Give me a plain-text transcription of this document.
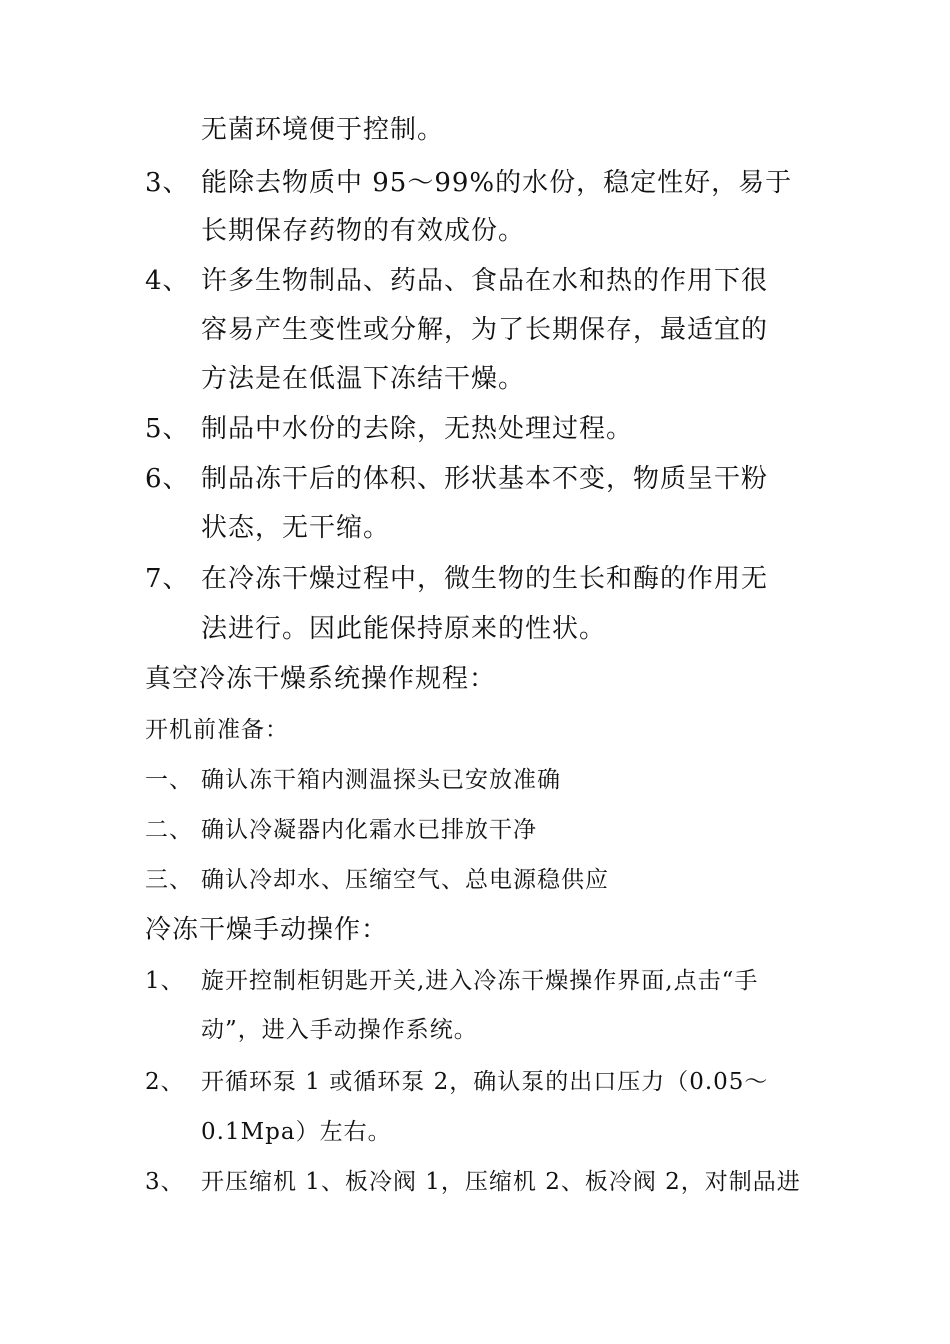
无菌环境便于控制。
3、 能除去物质中 95～99%的水份，稳定性好，易于
长期保存药物的有效成份。
4、 许多生物制品、药品、食品在水和热的作用下很
容易产生变性或分解，为了长期保存，最适宜的
方法是在低温下冻结干燥。
5、 制品中水份的去除，无热处理过程。
6、 制品冻干后的体积、形状基本不变，物质呈干粉
状态，无干缩。
7、 在冷冻干燥过程中，微生物的生长和酶的作用无
法进行。因此能保持原来的性状。
真空冷冻干燥系统操作规程：
开机前准备：
一、 确认冻干箱内测温探头已安放准确
二、 确认冷凝器内化霜水已排放干净
三、 确认冷却水、压缩空气、总电源稳供应
冷冻干燥手动操作：
1、 旋开控制柜钥匙开关,进入冷冻干燥操作界面,点击“手
动”，进入手动操作系统。
2、 开循环泵 1 或循环泵 2，确认泵的出口压力（0.05～
0.1Mpa）左右。
3、 开压缩机 1、板冷阀 1，压缩机 2、板冷阀 2，对制品进
